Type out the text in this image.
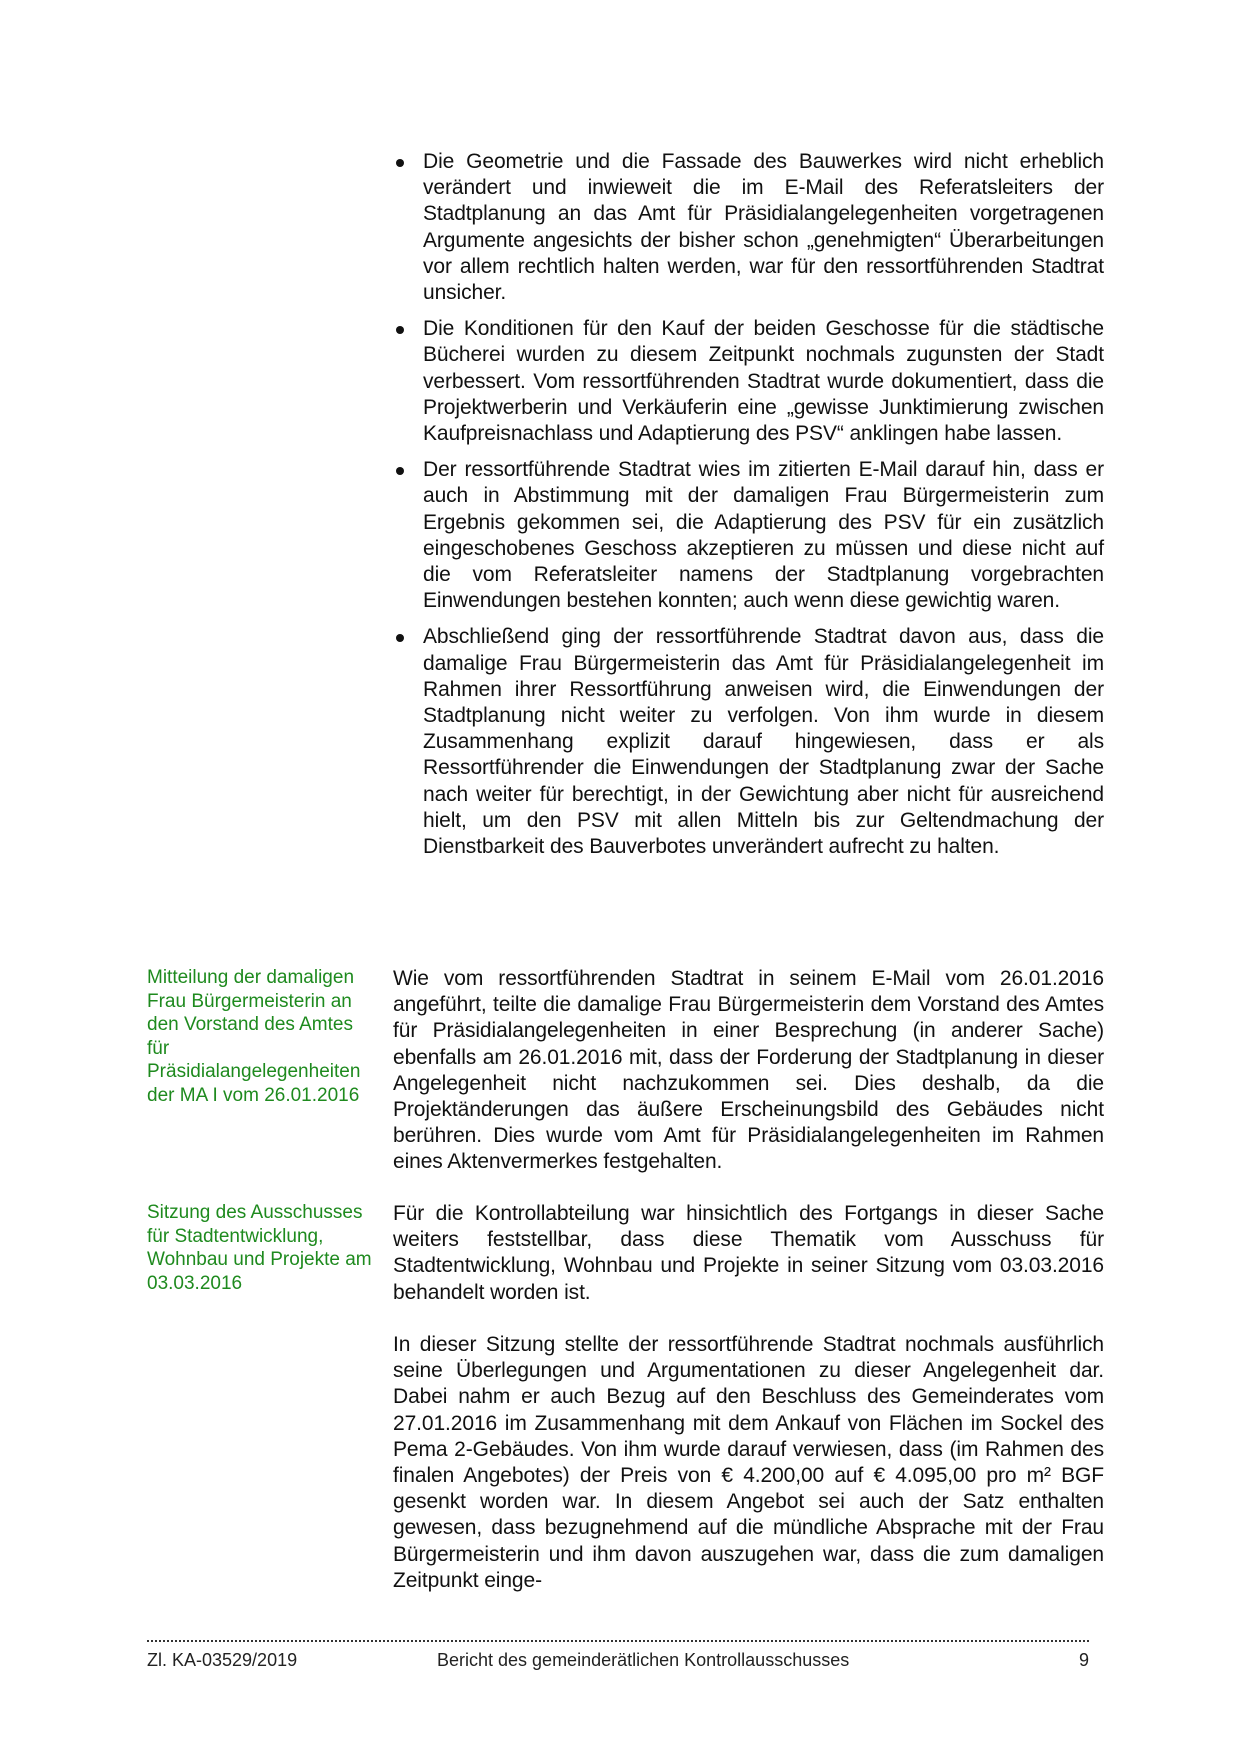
Die Geometrie und die Fassade des Bauwerkes wird nicht erheblich verändert und inwieweit die im E-Mail des Referatsleiters der Stadtplanung an das Amt für Präsidialangelegenheiten vorgetragenen Argumente angesichts der bisher schon „genehmigten“ Überarbeitungen vor allem rechtlich halten werden, war für den ressortführenden Stadtrat unsicher.

Die Konditionen für den Kauf der beiden Geschosse für die städtische Bücherei wurden zu diesem Zeitpunkt nochmals zugunsten der Stadt verbessert. Vom ressortführenden Stadtrat wurde dokumentiert, dass die Projektwerberin und Verkäuferin eine „gewisse Junktimierung zwischen Kaufpreisnachlass und Adaptierung des PSV“ anklingen habe lassen.

Der ressortführende Stadtrat wies im zitierten E-Mail darauf hin, dass er auch in Abstimmung mit der damaligen Frau Bürgermeisterin zum Ergebnis gekommen sei, die Adaptierung des PSV für ein zusätzlich eingeschobenes Geschoss akzeptieren zu müssen und diese nicht auf die vom Referatsleiter namens der Stadtplanung vorgebrachten Einwendungen bestehen konnten; auch wenn diese gewichtig waren.

Abschließend ging der ressortführende Stadtrat davon aus, dass die damalige Frau Bürgermeisterin das Amt für Präsidialangelegenheit im Rahmen ihrer Ressortführung anweisen wird, die Einwendungen der Stadtplanung nicht weiter zu verfolgen. Von ihm wurde in diesem Zusammenhang explizit darauf hingewiesen, dass er als Ressortführender die Einwendungen der Stadtplanung zwar der Sache nach weiter für berechtigt, in der Gewichtung aber nicht für ausreichend hielt, um den PSV mit allen Mitteln bis zur Geltendmachung der Dienstbarkeit des Bauverbotes unverändert aufrecht zu halten.

Mitteilung der damaligen Frau Bürgermeisterin an den Vorstand des Amtes für Präsidialangelegenheiten der MA I vom 26.01.2016
Sitzung des Ausschusses für Stadtentwicklung, Wohnbau und Projekte am 03.03.2016

Wie vom ressortführenden Stadtrat in seinem E-Mail vom 26.01.2016 angeführt, teilte die damalige Frau Bürgermeisterin dem Vorstand des Amtes für Präsidialangelegenheiten in einer Besprechung (in anderer Sache) ebenfalls am 26.01.2016 mit, dass der Forderung der Stadtplanung in dieser Angelegenheit nicht nachzukommen sei. Dies deshalb, da die Projektänderungen das äußere Erscheinungsbild des Gebäudes nicht berühren. Dies wurde vom Amt für Präsidialangelegenheiten im Rahmen eines Aktenvermerkes festgehalten.

Für die Kontrollabteilung war hinsichtlich des Fortgangs in dieser Sache weiters feststellbar, dass diese Thematik vom Ausschuss für Stadtentwicklung, Wohnbau und Projekte in seiner Sitzung vom 03.03.2016 behandelt worden ist.

In dieser Sitzung stellte der ressortführende Stadtrat nochmals ausführlich seine Überlegungen und Argumentationen zu dieser Angelegenheit dar. Dabei nahm er auch Bezug auf den Beschluss des Gemeinderates vom 27.01.2016 im Zusammenhang mit dem Ankauf von Flächen im Sockel des Pema 2-Gebäudes. Von ihm wurde darauf verwiesen, dass (im Rahmen des finalen Angebotes) der Preis von € 4.200,00 auf € 4.095,00 pro m² BGF gesenkt worden war. In diesem Angebot sei auch der Satz enthalten gewesen, dass bezugnehmend auf die mündliche Absprache mit der Frau Bürgermeisterin und ihm davon auszugehen war, dass die zum damaligen Zeitpunkt einge-

Zl. KA-03529/2019	Bericht des gemeinderätlichen Kontrollausschusses	9
